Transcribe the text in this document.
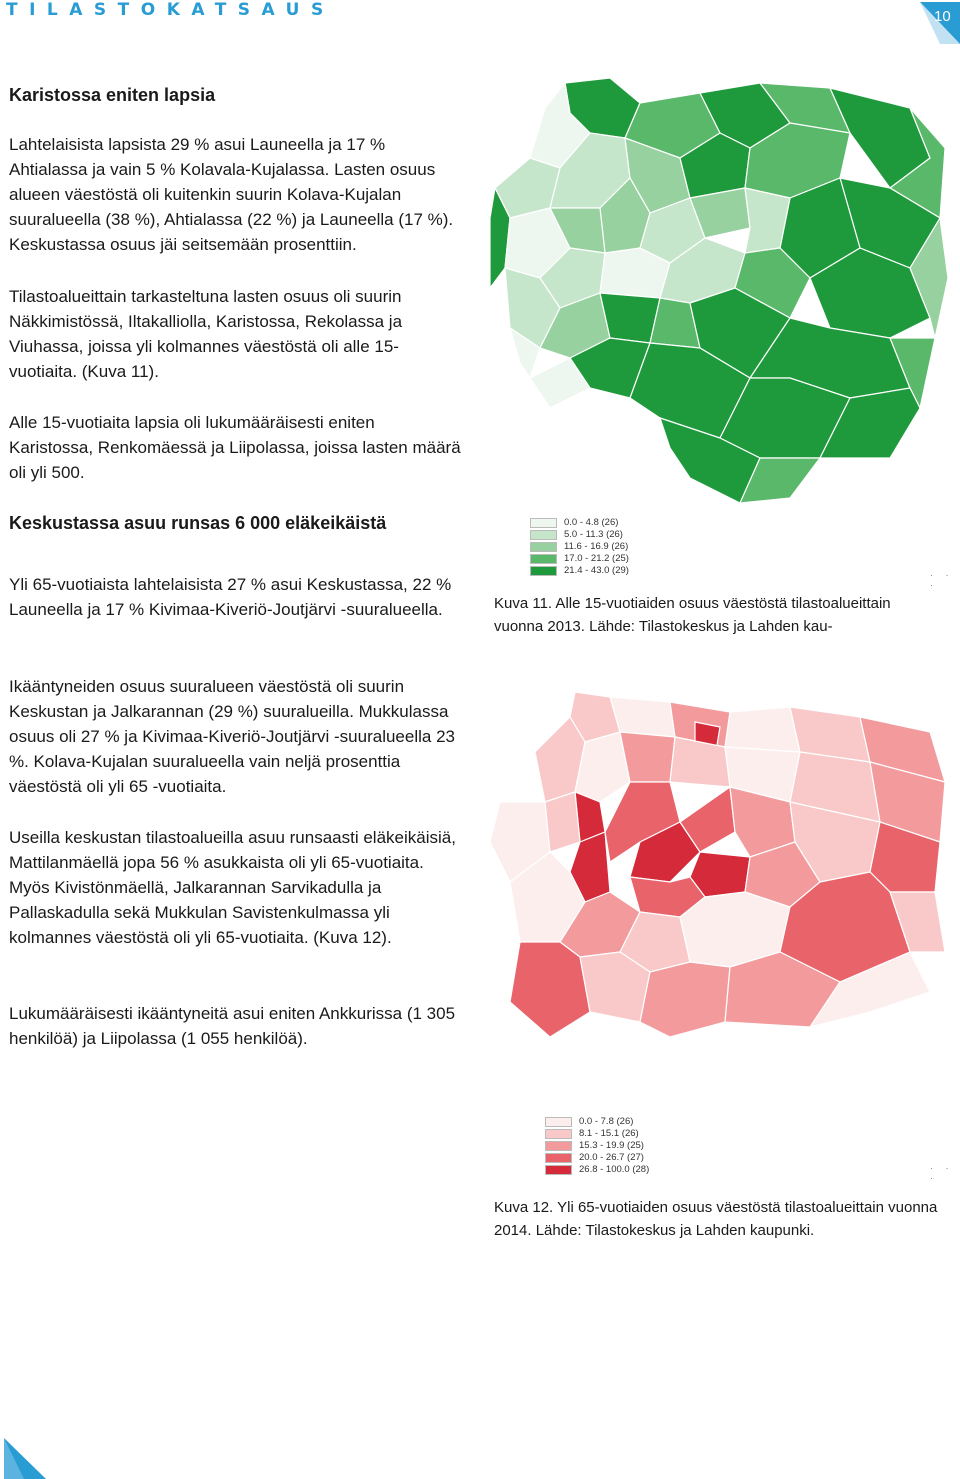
TILASTOKATSAUS	10

Karistossa eniten lapsia

Lahtelaisista lapsista 29 % asui Launeella ja 17 % Ahtialassa ja vain 5 % Kolavala-Kujalassa. Lasten osuus alueen väestöstä oli kuitenkin suurin Kolava-Kujalan suuralueella (38 %), Ahtialassa (22 %) ja Launeella (17 %). Keskustassa osuus jäi seitsemään prosenttiin.

Tilastoalueittain tarkasteltuna lasten osuus oli suurin Näkkimistössä, Iltakalliolla, Karistossa, Rekolassa ja Viuhassa, joissa yli kolmannes väestöstä oli alle 15-vuotiaita. (Kuva 11).

Alle 15-vuotiaita lapsia oli lukumääräisesti eniten Karistossa, Renkomäessä ja Liipolassa, joissa lasten määrä oli yli 500.

Keskustassa asuu runsas 6 000 eläkeikäistä

Yli 65-vuotiaista lahtelaisista 27 % asui Keskustassa, 22 % Launeella ja 17 % Kivimaa-Kiveriö-Joutjärvi -suuralueella.

Ikääntyneiden osuus suuralueen väestöstä oli suurin Keskustan ja Jalkarannan (29 %) suuralueilla. Mukkulassa osuus oli 27 % ja Kivimaa-Kiveriö-Joutjärvi -suuralueella 23 %. Kolava-Kujalan suuralueella vain neljä prosenttia väestöstä oli yli 65 -vuotiaita.

Useilla keskustan tilastoalueilla asuu runsaasti eläkeikäisiä, Mattilanmäellä jopa 56 % asukkaista oli yli 65-vuotiaita. Myös Kivistönmäellä, Jalkarannan Sarvikadulla ja Pallaskadulla sekä Mukkulan Savistenkulmassa yli kolmannes väestöstä oli yli 65-vuotiaita. (Kuva 12).

Lukumääräisesti ikääntyneitä asui eniten Ankkurissa (1 305 henkilöä) ja Liipolassa (1 055 henkilöä).

0.0 - 4.8 (26)
5.0 - 11.3 (26)
11.6 - 16.9 (26)
17.0 - 21.2 (25)
21.4 - 43.0 (29)	· · ·
Kuva 11. Alle 15-vuotiaiden osuus väestöstä tilastoalueittain vuonna 2013. Lähde: Tilastokeskus ja Lahden kau-
0.0 - 7.8 (26)
8.1 - 15.1 (26)
15.3 - 19.9 (25)
20.0 - 26.7 (27)
26.8 - 100.0 (28)	· · ·
Kuva 12. Yli 65-vuotiaiden osuus väestöstä tilastoalueittain vuonna 2014. Lähde: Tilastokeskus ja Lahden kaupunki.
